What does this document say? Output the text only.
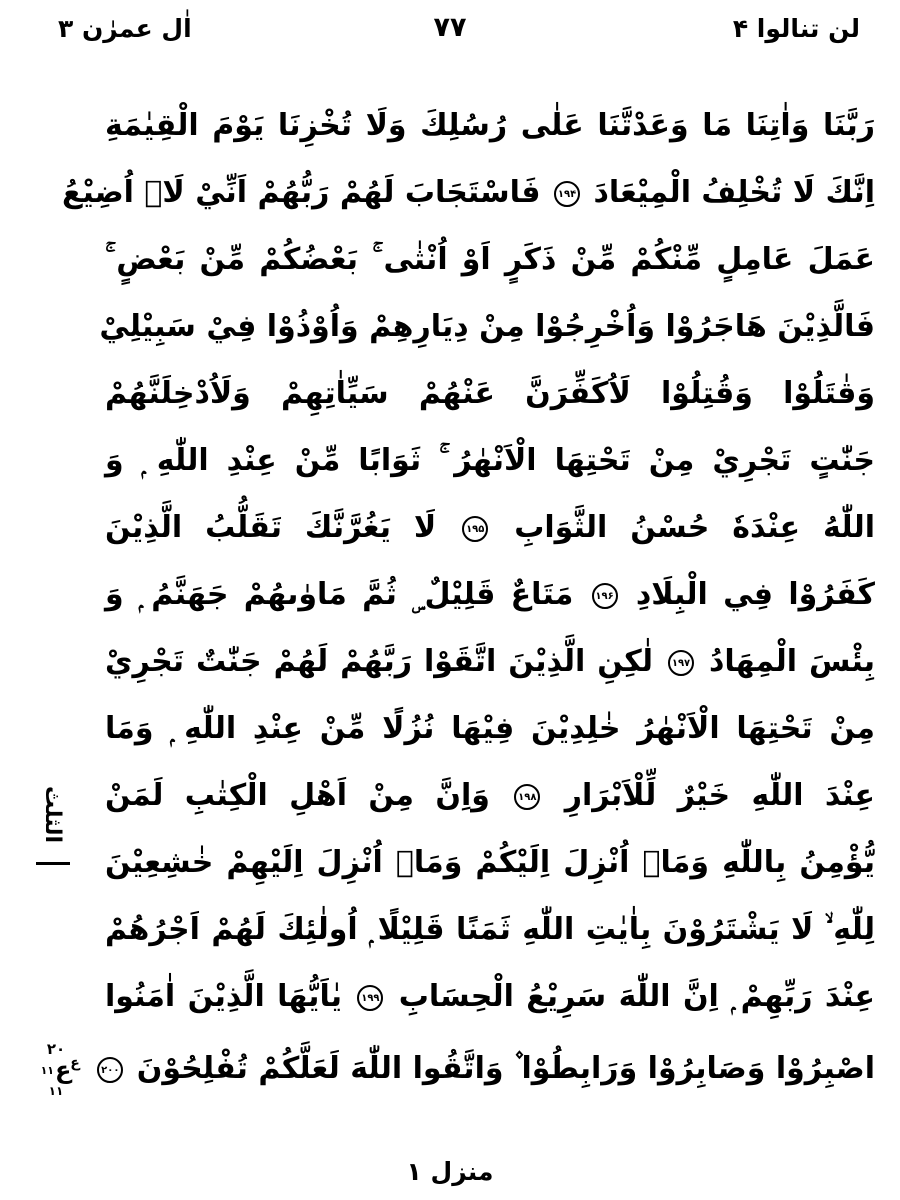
لن تنالوا ۴
۷۷
اٰل عمرٰن ۳
رَبَّنَا وَاٰتِنَا مَا وَعَدْتَّنَا عَلٰى رُسُلِكَ وَلَا تُخْزِنَا يَوْمَ الْقِيٰمَةِ
اِنَّكَ لَا تُخْلِفُ الْمِيْعَادَ ۱۹۴ فَاسْتَجَابَ لَهُمْ رَبُّهُمْ اَنِّيْ لَاۤ اُضِيْعُ
عَمَلَ عَامِلٍ مِّنْكُمْ مِّنْ ذَكَرٍ اَوْ اُنْثٰى ۚ بَعْضُكُمْ مِّنْ بَعْضٍ ۚ
فَالَّذِيْنَ هَاجَرُوْا وَاُخْرِجُوْا مِنْ دِيَارِهِمْ وَاُوْذُوْا فِيْ سَبِيْلِيْ
وَقٰتَلُوْا وَقُتِلُوْا لَاُكَفِّرَنَّ عَنْهُمْ سَيِّاٰتِهِمْ وَلَاُدْخِلَنَّهُمْ
جَنّٰتٍ تَجْرِيْ مِنْ تَحْتِهَا الْاَنْهٰرُ ۚ ثَوَابًا مِّنْ عِنْدِ اللّٰهِ ۭ وَ
اللّٰهُ عِنْدَهٗ حُسْنُ الثَّوَابِ ۱۹۵ لَا يَغُرَّنَّكَ تَقَلُّبُ الَّذِيْنَ
كَفَرُوْا فِي الْبِلَادِ ۱۹۶ مَتَاعٌ قَلِيْلٌ ۣ ثُمَّ مَاوٰىهُمْ جَهَنَّمُ ۭ وَ
بِئْسَ الْمِهَادُ ۱۹۷ لٰكِنِ الَّذِيْنَ اتَّقَوْا رَبَّهُمْ لَهُمْ جَنّٰتٌ تَجْرِيْ
مِنْ تَحْتِهَا الْاَنْهٰرُ خٰلِدِيْنَ فِيْهَا نُزُلًا مِّنْ عِنْدِ اللّٰهِ ۭ وَمَا
عِنْدَ اللّٰهِ خَيْرٌ لِّلْاَبْرَارِ ۱۹۸ وَاِنَّ مِنْ اَهْلِ الْكِتٰبِ لَمَنْ
يُّؤْمِنُ بِاللّٰهِ وَمَاۤ اُنْزِلَ اِلَيْكُمْ وَمَاۤ اُنْزِلَ اِلَيْهِمْ خٰشِعِيْنَ
لِلّٰهِ ۙ لَا يَشْتَرُوْنَ بِاٰيٰتِ اللّٰهِ ثَمَنًا قَلِيْلًا ۭ اُولٰئِكَ لَهُمْ اَجْرُهُمْ
عِنْدَ رَبِّهِمْ ۭ اِنَّ اللّٰهَ سَرِيْعُ الْحِسَابِ ۱۹۹ يٰاَيُّهَا الَّذِيْنَ اٰمَنُوا
اصْبِرُوْا وَصَابِرُوْا وَرَابِطُوْا ۫ وَاتَّقُوا اللّٰهَ لَعَلَّكُمْ تُفْلِحُوْنَ ۲۰۰ $^ع$
الثلث
۲۰
ع
۱۱
۱۱
منزل ۱
